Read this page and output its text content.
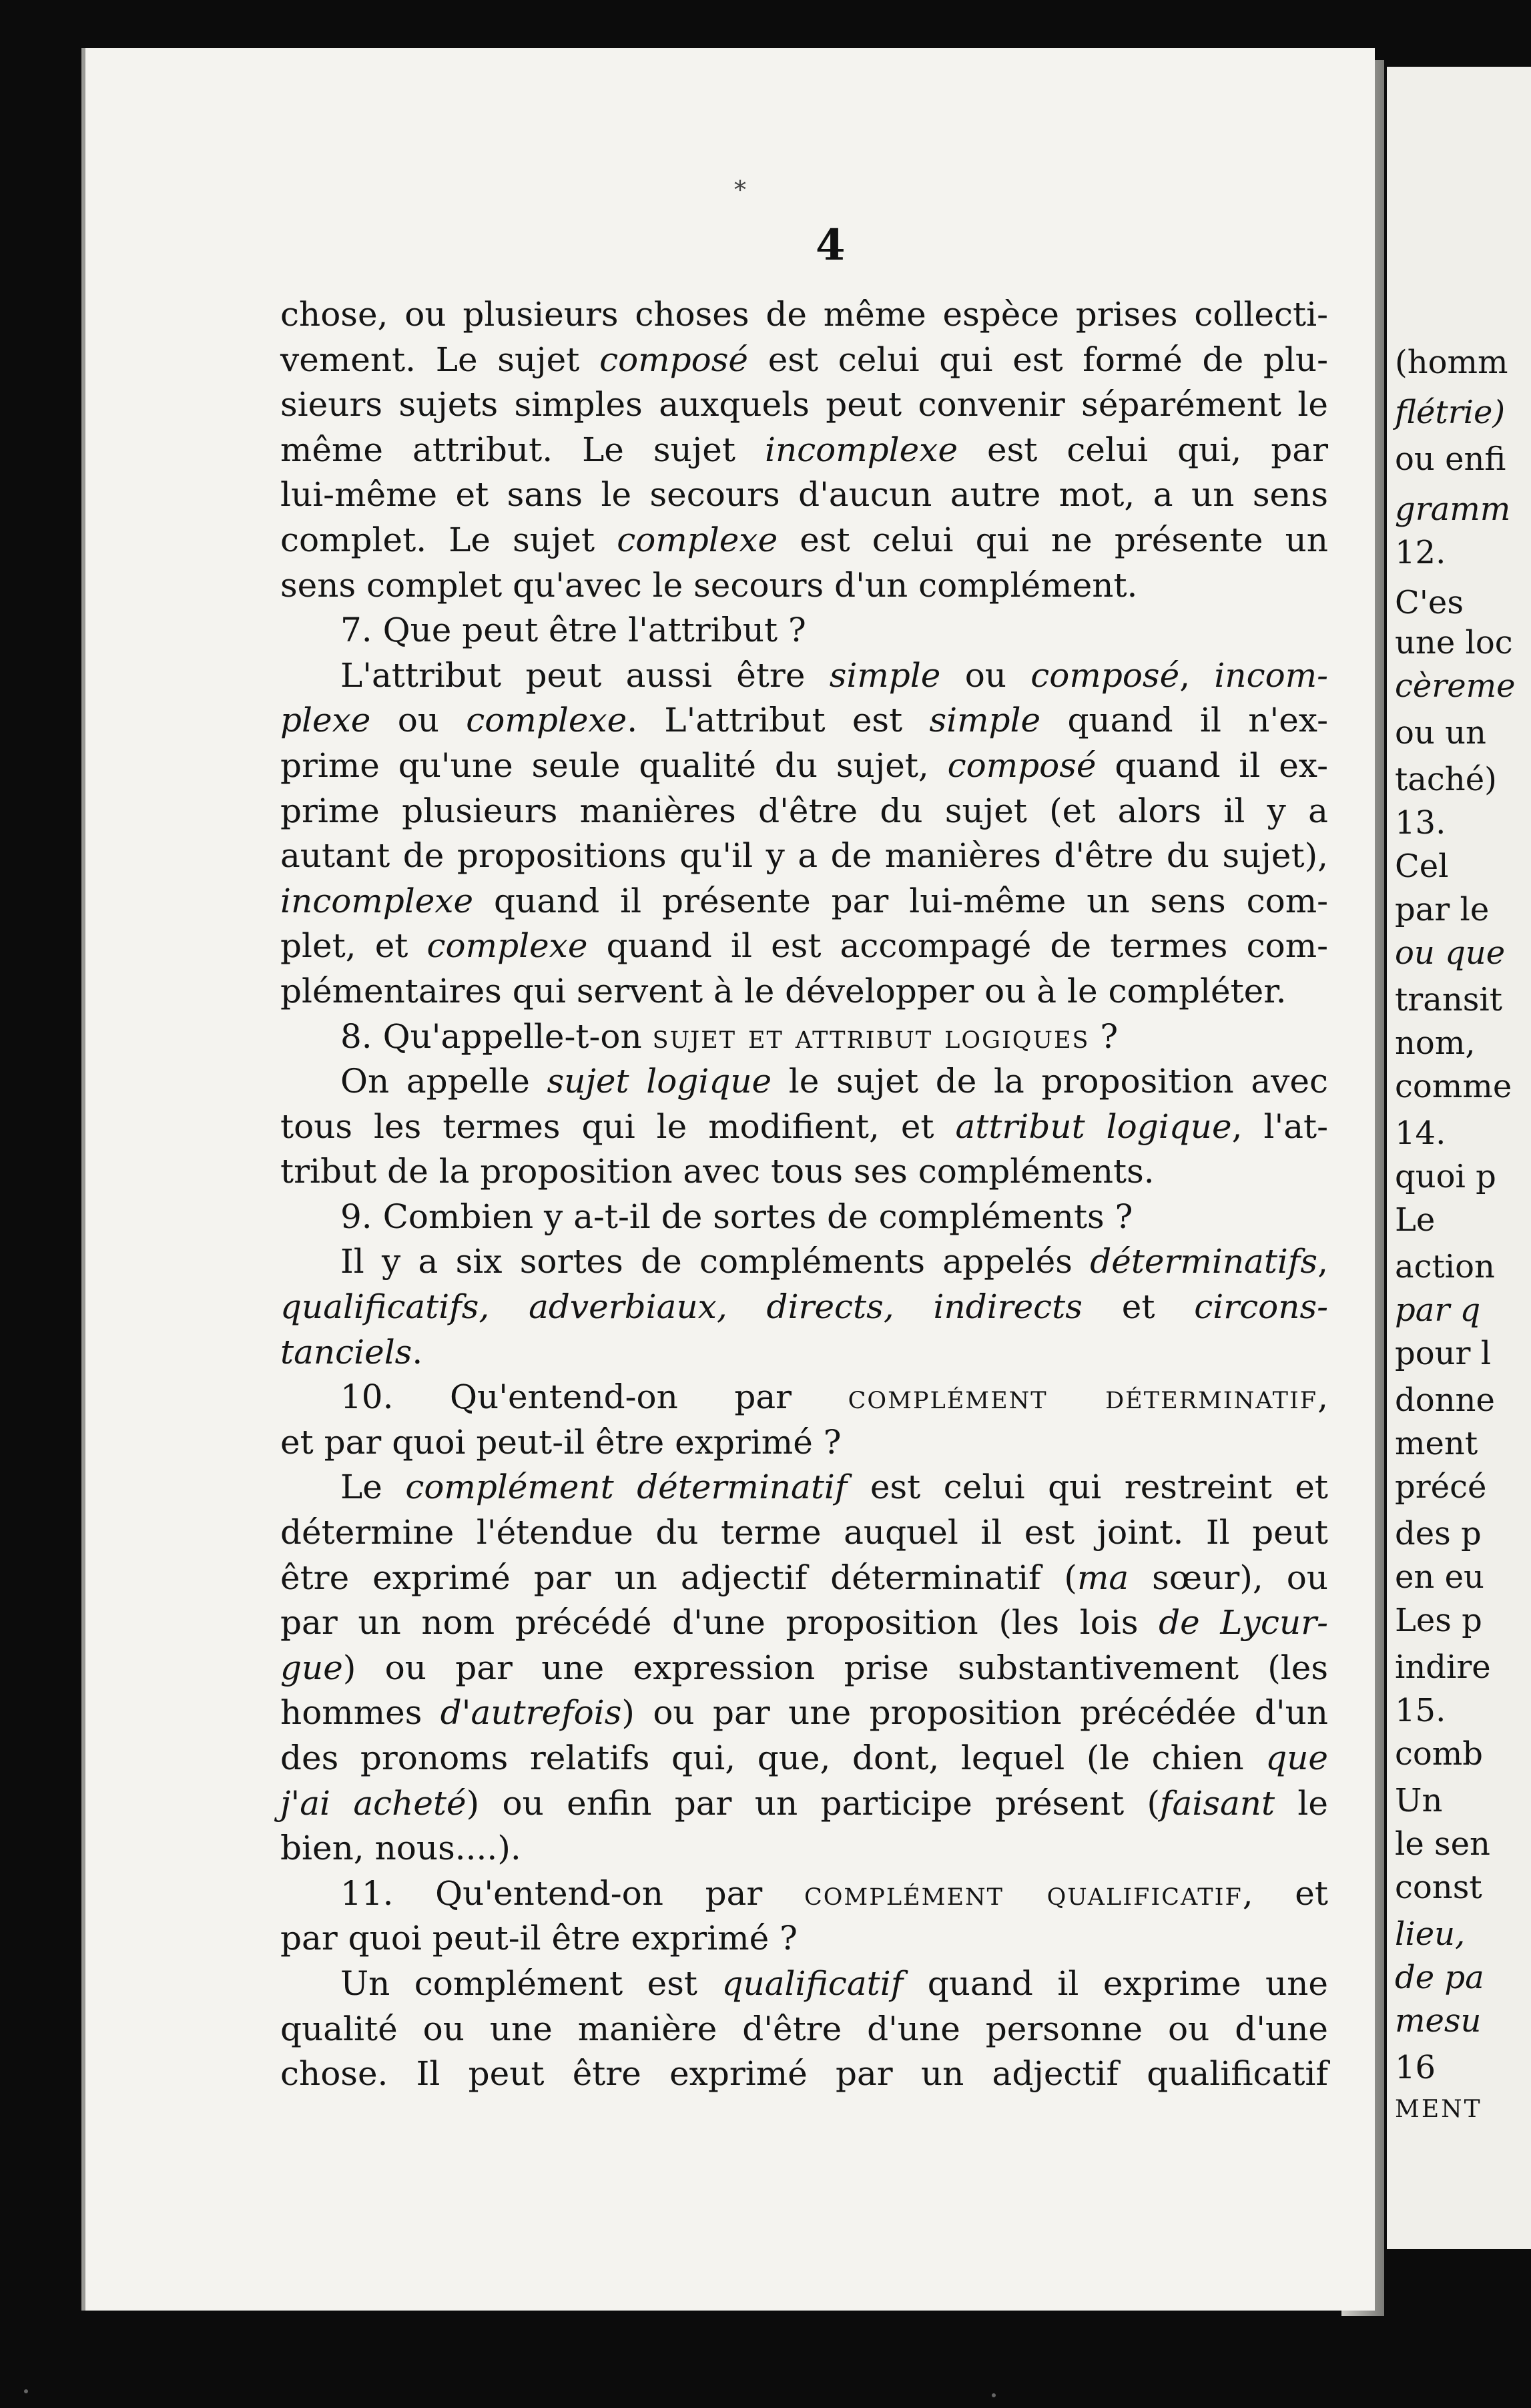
(homm
flétrie)
ou enfi
gramm
12.
C'es
une loc
cèreme
ou un
taché)
13.
Cel
par le
ou que
transit
nom,
comme
14.
quoi p
Le
action
par q
pour l
donne
ment
précé
des p
en eu
Les p
indire
15.
comb
Un
le sen
const
lieu,
de pa
mesu
16
MENT
*
4
chose, ou plusieurs choses de même espèce prises collecti-
vement. Le sujet composé est celui qui est formé de plu-
sieurs sujets simples auxquels peut convenir séparément le
même attribut. Le sujet incomplexe est celui qui, par
lui-même et sans le secours d'aucun autre mot, a un sens
complet. Le sujet complexe est celui qui ne présente un
sens complet qu'avec le secours d'un complément.
7. Que peut être l'attribut ?
L'attribut peut aussi être simple ou composé, incom-
plexe ou complexe. L'attribut est simple quand il n'ex-
prime qu'une seule qualité du sujet, composé quand il ex-
prime plusieurs manières d'être du sujet (et alors il y a
autant de propositions qu'il y a de manières d'être du sujet),
incomplexe quand il présente par lui-même un sens com-
plet, et complexe quand il est accompagé de termes com-
plémentaires qui servent à le développer ou à le compléter.
8. Qu'appelle-t-on sujet et attribut logiques ?
On appelle sujet logique le sujet de la proposition avec
tous les termes qui le modifient, et attribut logique, l'at-
tribut de la proposition avec tous ses compléments.
9. Combien y a-t-il de sortes de compléments ?
Il y a six sortes de compléments appelés déterminatifs,
qualificatifs, adverbiaux, directs, indirects et circons-
tanciels.
10. Qu'entend-on par complément déterminatif,
et par quoi peut-il être exprimé ?
Le complément déterminatif est celui qui restreint et
détermine l'étendue du terme auquel il est joint. Il peut
être exprimé par un adjectif déterminatif (ma sœur), ou
par un nom précédé d'une proposition (les lois de Lycur-
gue) ou par une expression prise substantivement (les
hommes d'autrefois) ou par une proposition précédée d'un
des pronoms relatifs qui, que, dont, lequel (le chien que
j'ai acheté) ou enfin par un participe présent (faisant le
bien, nous....).
11. Qu'entend-on par complément qualificatif, et
par quoi peut-il être exprimé ?
Un complément est qualificatif quand il exprime une
qualité ou une manière d'être d'une personne ou d'une
chose. Il peut être exprimé par un adjectif qualificatif
